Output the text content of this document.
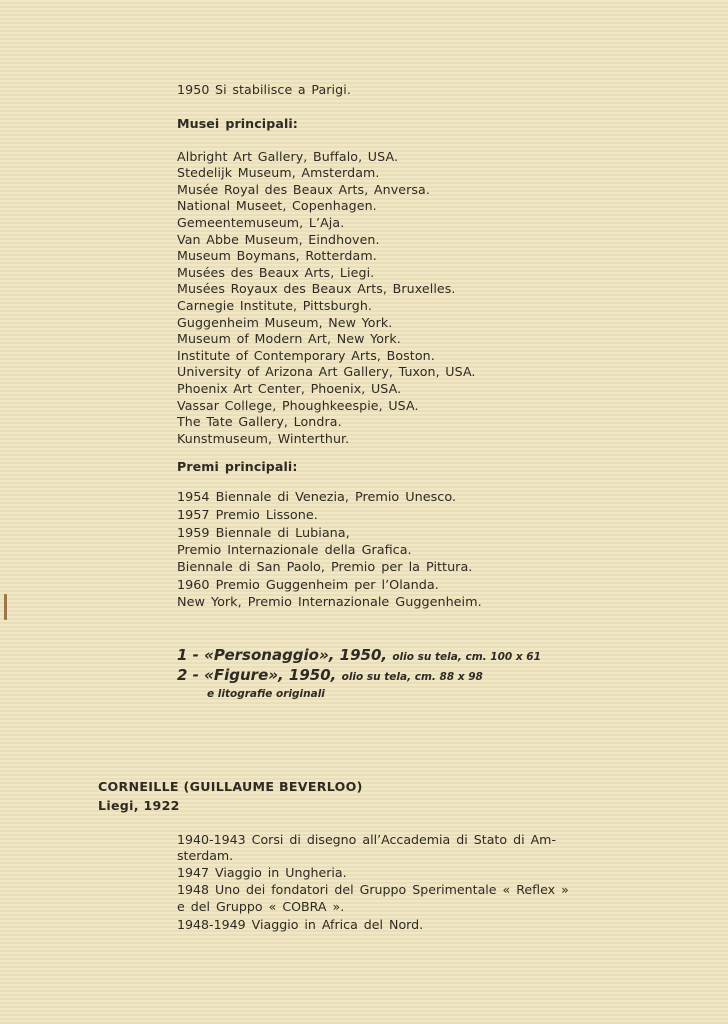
1950 Si stabilisce a Parigi.
Musei principali:
Albright Art Gallery, Buffalo, USA.
Stedelijk Museum, Amsterdam.
Musée Royal des Beaux Arts, Anversa.
National Museet, Copenhagen.
Gemeentemuseum, L’Aja.
Van Abbe Museum, Eindhoven.
Museum Boymans, Rotterdam.
Musées des Beaux Arts, Liegi.
Musées Royaux des Beaux Arts, Bruxelles.
Carnegie Institute, Pittsburgh.
Guggenheim Museum, New York.
Museum of Modern Art, New York.
Institute of Contemporary Arts, Boston.
University of Arizona Art Gallery, Tuxon, USA.
Phoenix Art Center, Phoenix, USA.
Vassar College, Phoughkeespie, USA.
The Tate Gallery, Londra.
Kunstmuseum, Winterthur.
Premi principali:
1954 Biennale di Venezia, Premio Unesco.
1957 Premio Lissone.
1959 Biennale di Lubiana,
Premio Internazionale della Grafica.
Biennale di San Paolo, Premio per la Pittura.
1960 Premio Guggenheim per l’Olanda.
New York, Premio Internazionale Guggenheim.
1 - «Personaggio», 1950, olio su tela, cm. 100 x 61
2 - «Figure», 1950, olio su tela, cm. 88 x 98
e litografie originali
CORNEILLE (GUILLAUME BEVERLOO)
Liegi, 1922
1940-1943 Corsi di disegno all’Accademia di Stato di Am-
sterdam.
1947 Viaggio in Ungheria.
1948 Uno dei fondatori del Gruppo Sperimentale « Reflex »
e del Gruppo « COBRA ».
1948-1949 Viaggio in Africa del Nord.
